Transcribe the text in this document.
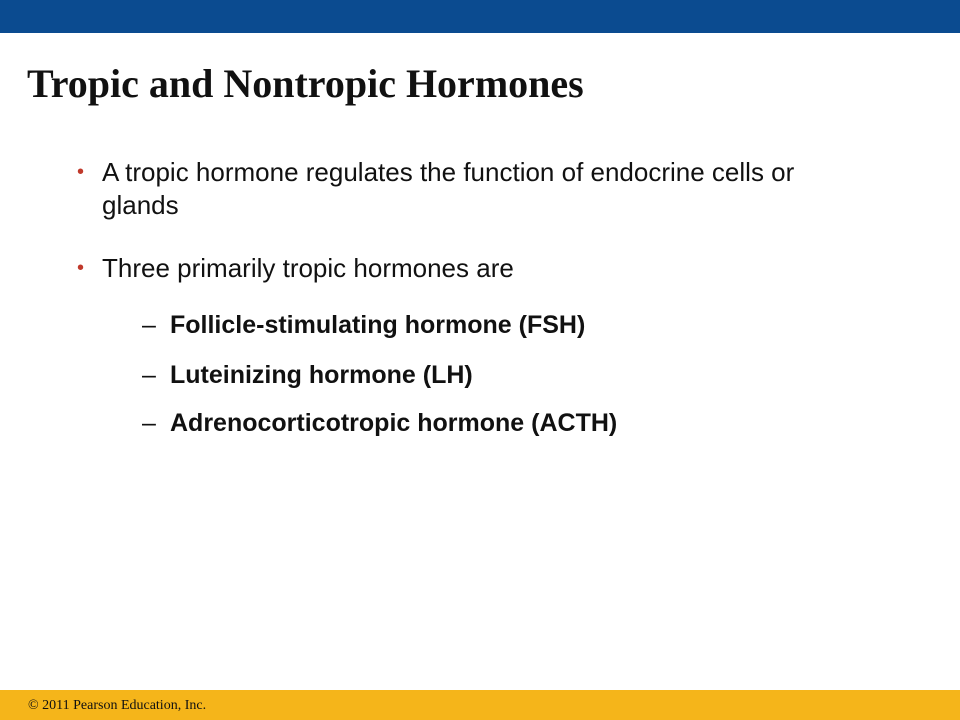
Tropic and Nontropic Hormones
• A tropic hormone regulates the function of endocrine cells or glands
• Three primarily tropic hormones are
– Follicle-stimulating hormone (FSH)
– Luteinizing hormone (LH)
– Adrenocorticotropic hormone (ACTH)
© 2011 Pearson Education, Inc.
